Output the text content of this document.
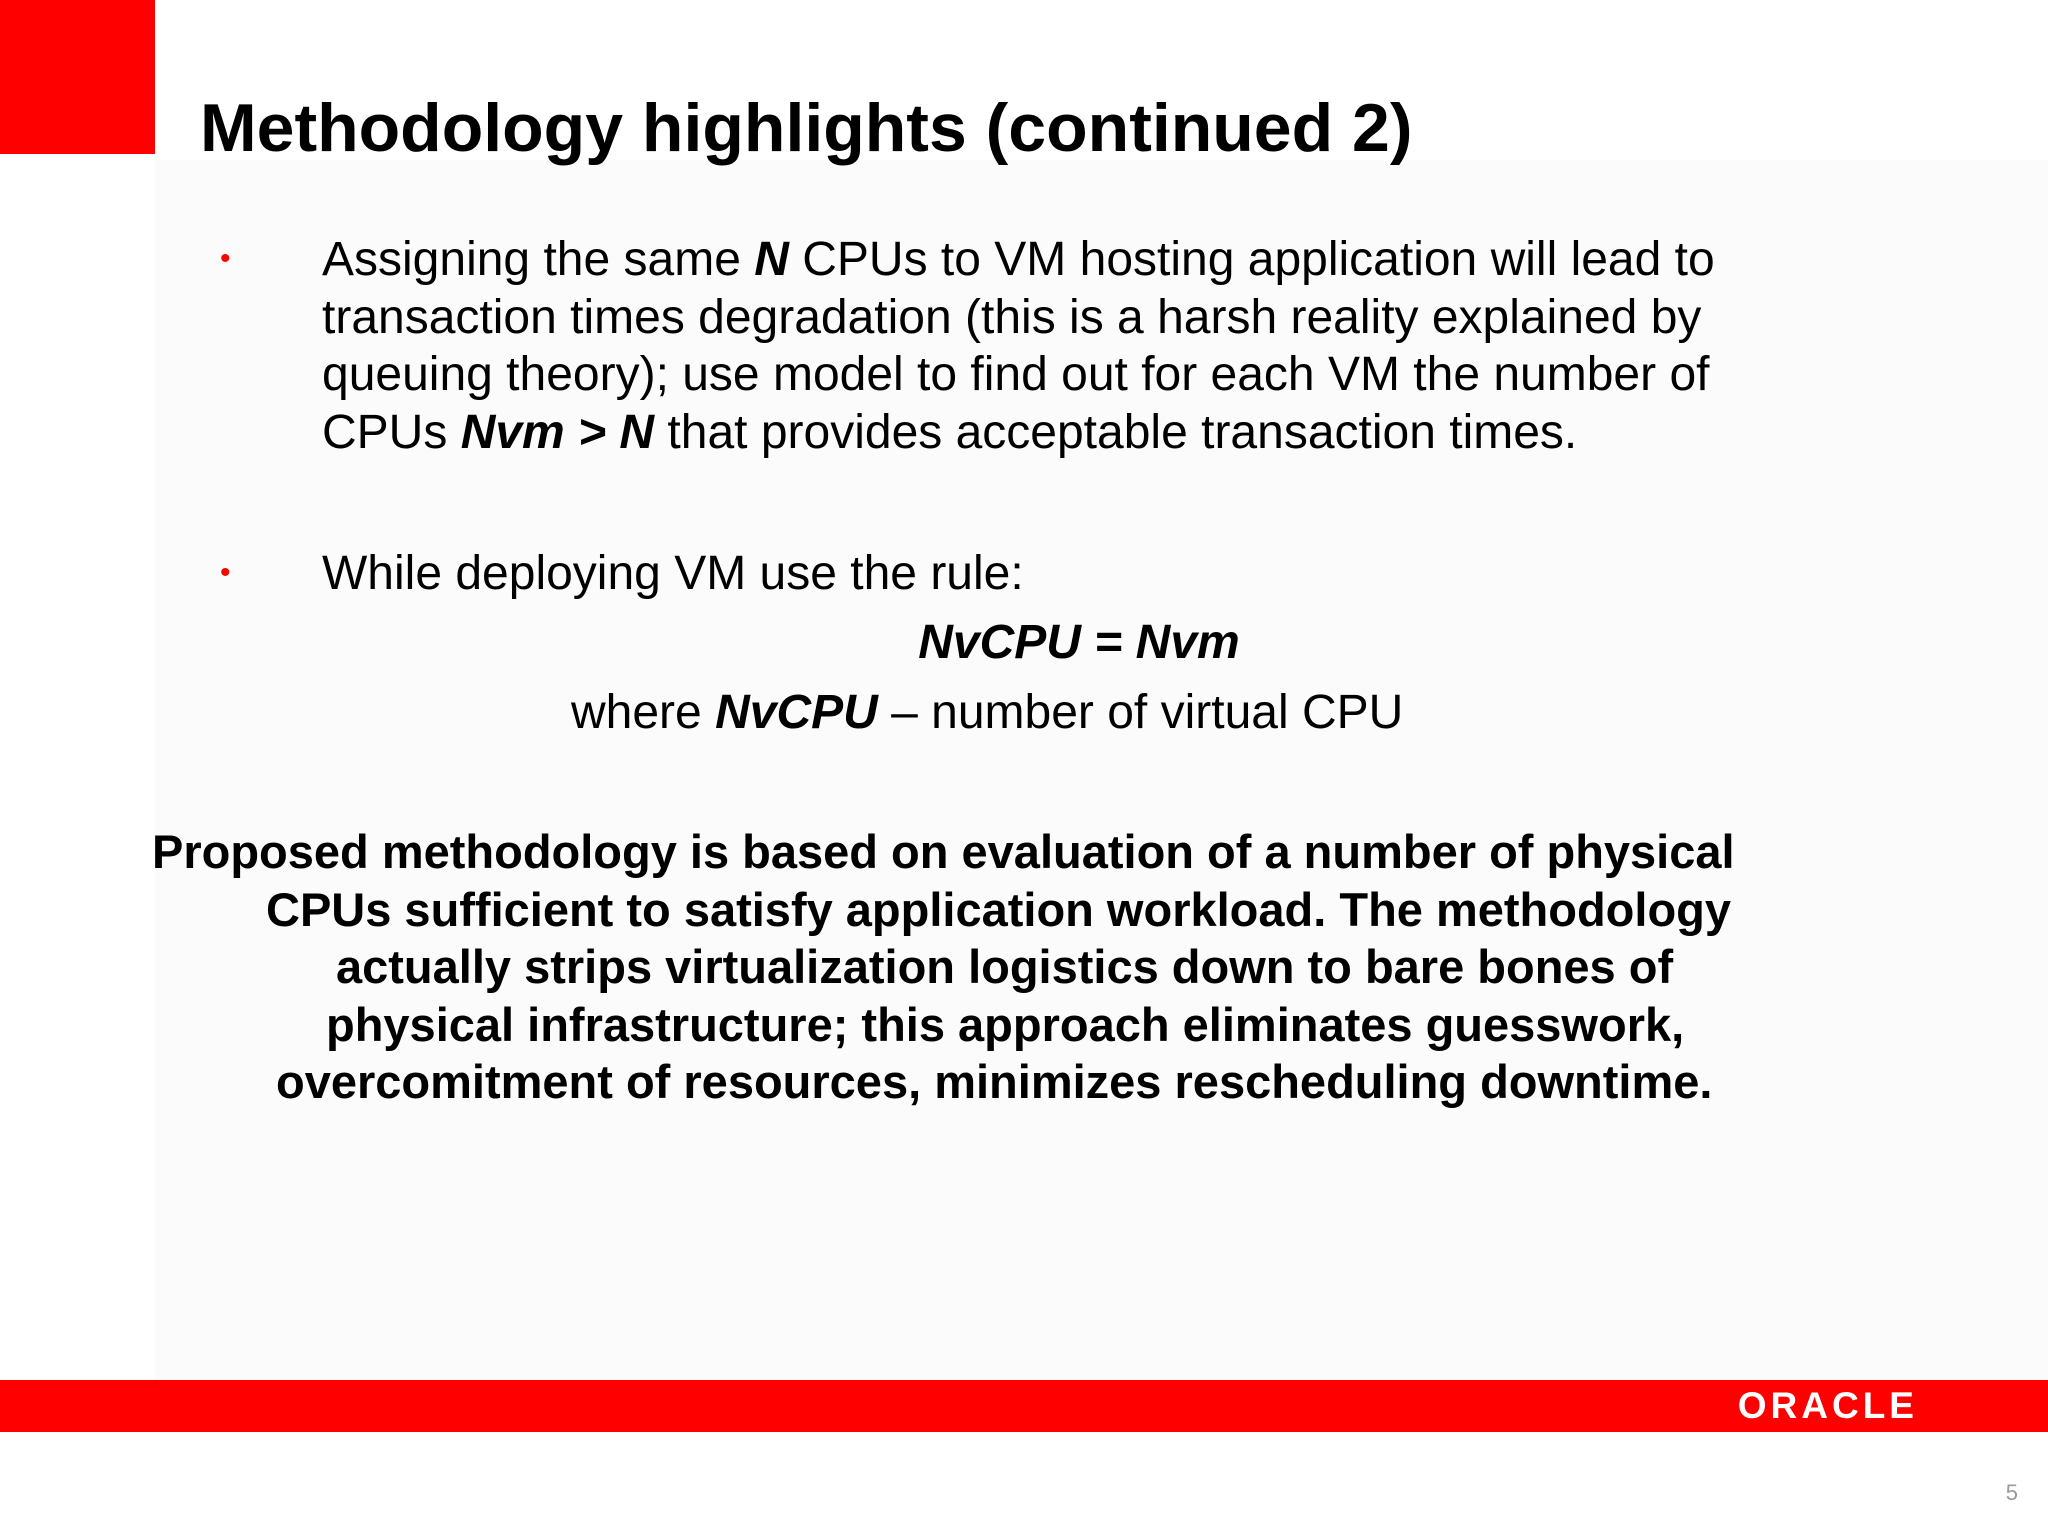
Methodology highlights (continued 2)
• Assigning the same N CPUs to VM hosting application will lead to
transaction times degradation (this is a harsh reality explained by
queuing theory); use model to find out for each VM the number of
CPUs Nvm > N that provides acceptable transaction times.
• While deploying VM use the rule:
NvCPU = Nvm
where NvCPU – number of virtual CPU
Proposed methodology is based on evaluation of a number of physical
CPUs sufficient to satisfy application workload. The methodology
actually strips virtualization logistics down to bare bones of
physical infrastructure; this approach eliminates guesswork,
overcomitment of resources, minimizes rescheduling downtime.
ORACLE
5
